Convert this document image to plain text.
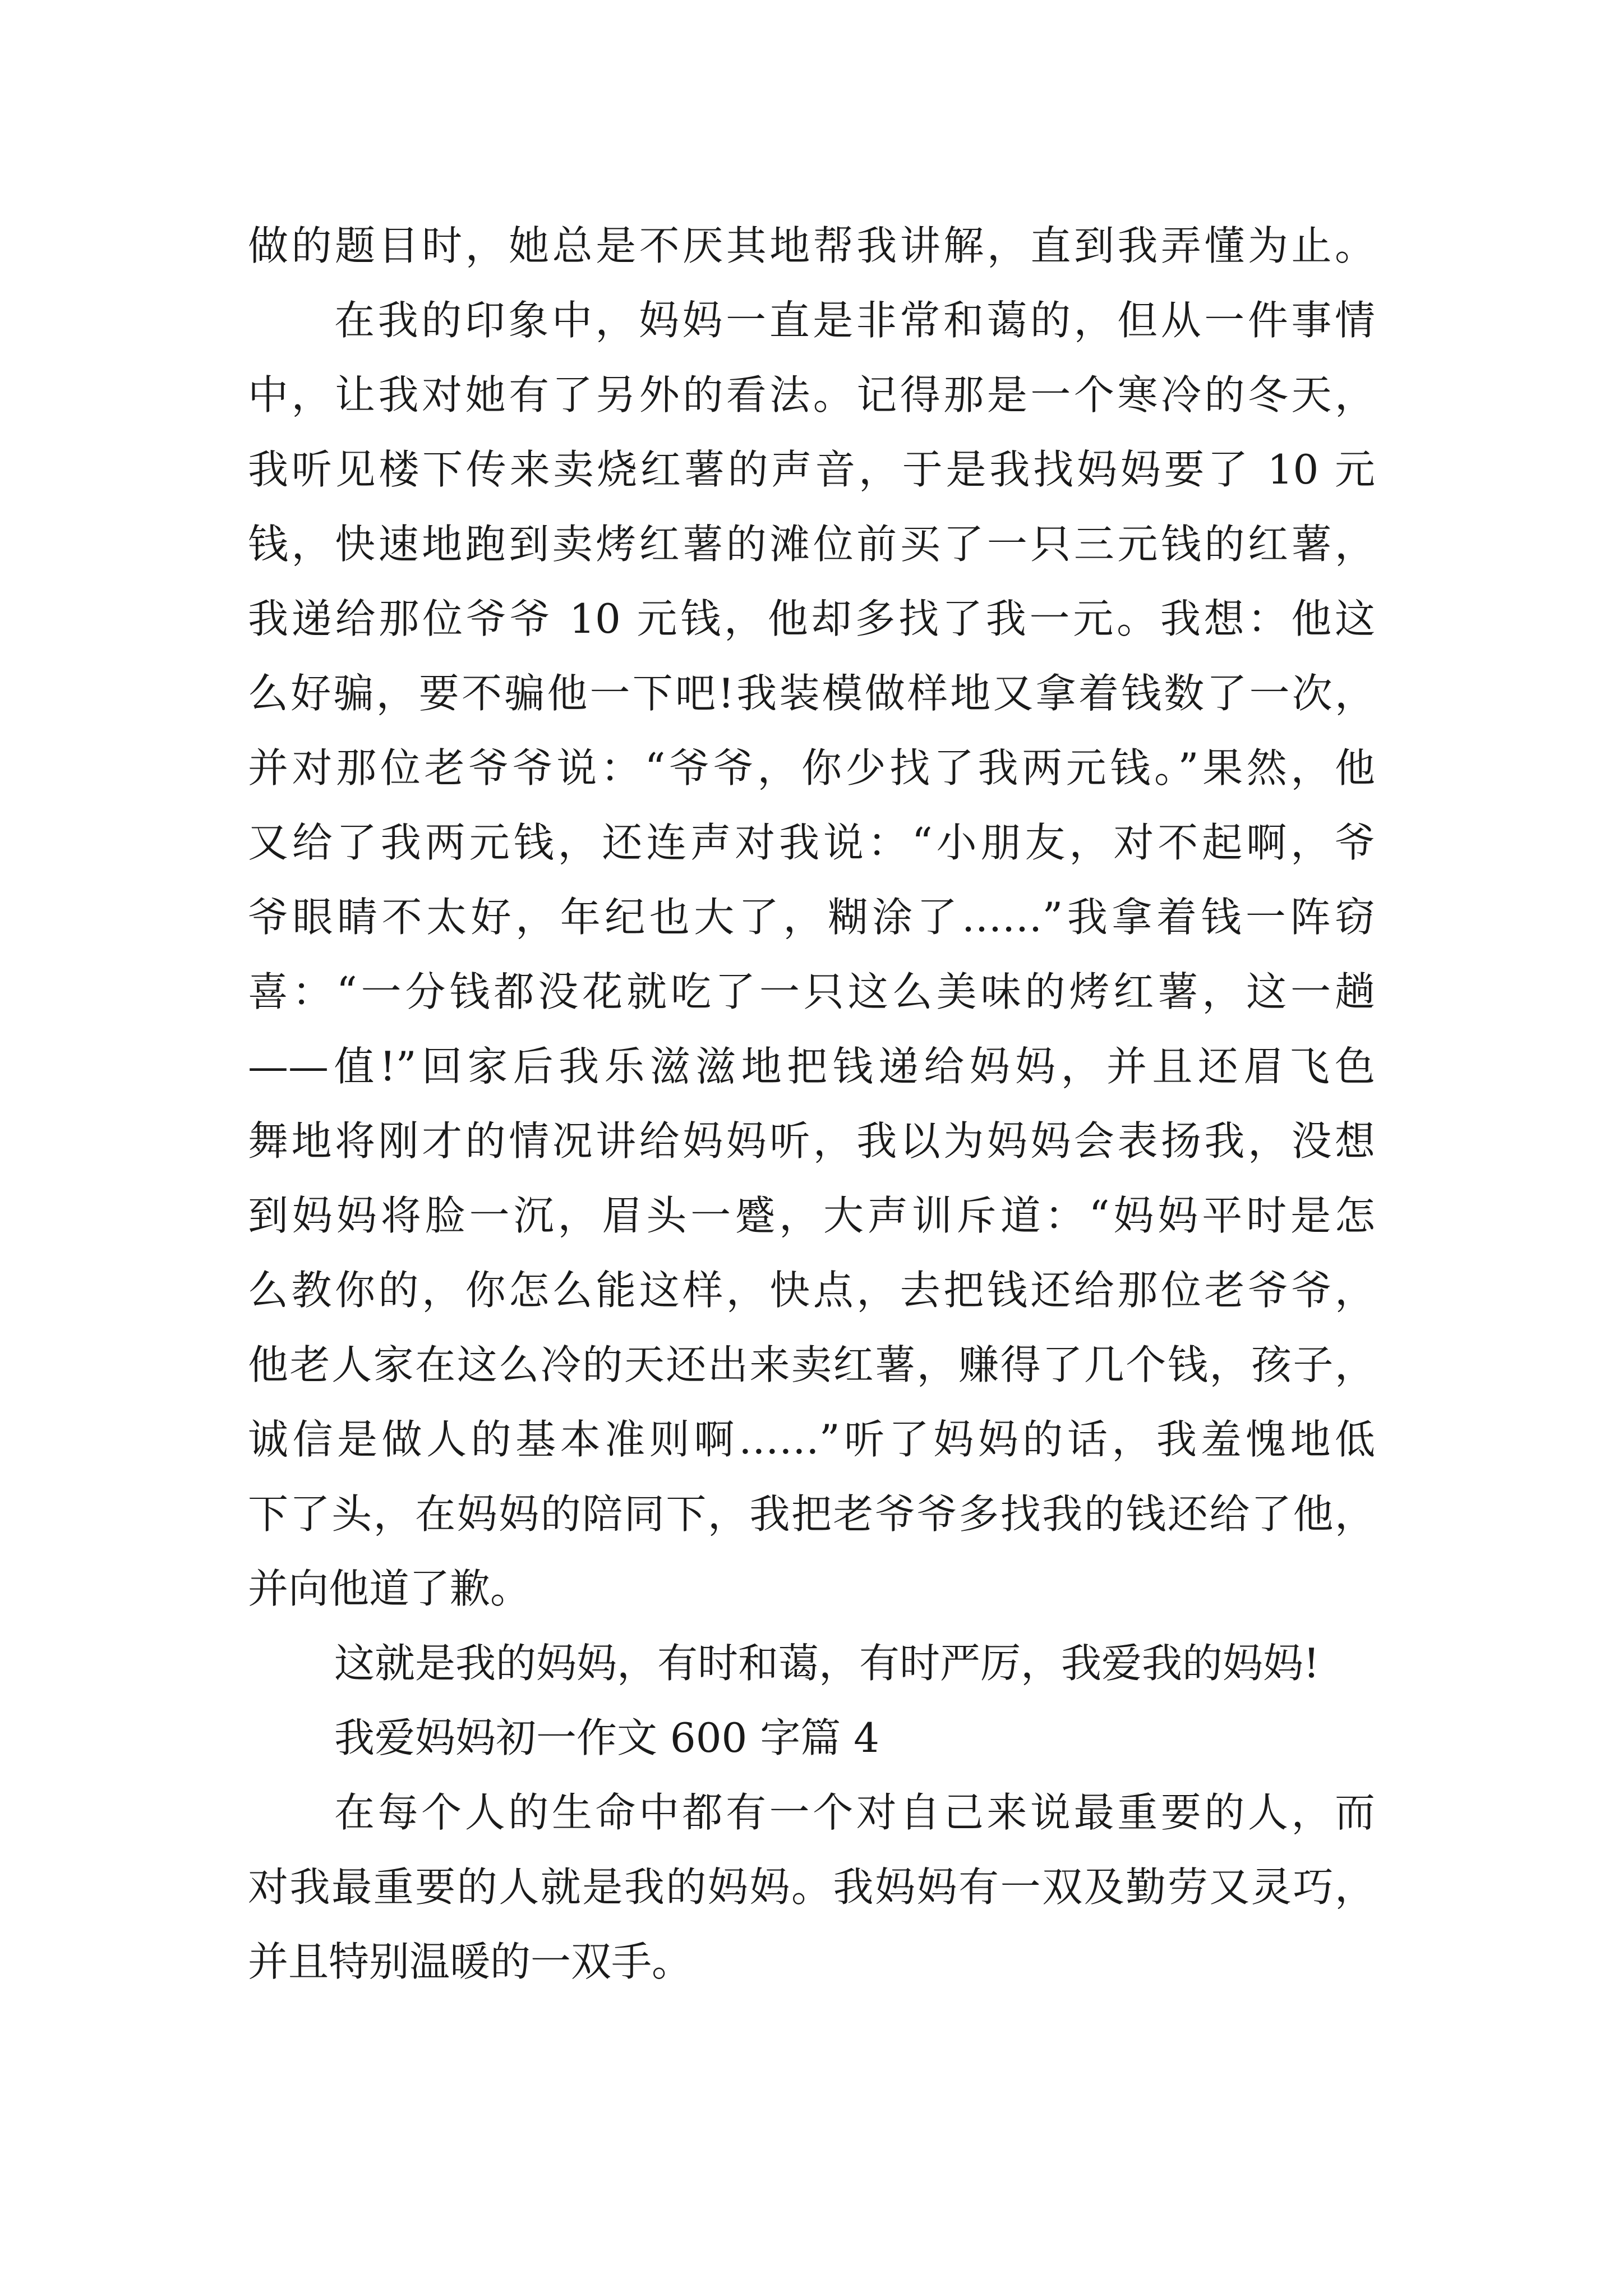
做的题目时，她总是不厌其地帮我讲解，直到我弄懂为止。

在我的印象中，妈妈一直是非常和蔼的，但从一件事情

中，让我对她有了另外的看法。记得那是一个寒冷的冬天，

我听见楼下传来卖烧红薯的声音，于是我找妈妈要了 10 元

钱，快速地跑到卖烤红薯的滩位前买了一只三元钱的红薯，

我递给那位爷爷 10 元钱，他却多找了我一元。我想：他这

么好骗，要不骗他一下吧!我装模做样地又拿着钱数了一次，

并对那位老爷爷说：“爷爷，你少找了我两元钱。”果然，他

又给了我两元钱，还连声对我说：“小朋友，对不起啊，爷

爷眼睛不太好，年纪也大了，糊涂了……”我拿着钱一阵窃

喜：“一分钱都没花就吃了一只这么美味的烤红薯，这一趟

——值!”回家后我乐滋滋地把钱递给妈妈，并且还眉飞色

舞地将刚才的情况讲给妈妈听，我以为妈妈会表扬我，没想

到妈妈将脸一沉，眉头一蹙，大声训斥道：“妈妈平时是怎

么教你的，你怎么能这样，快点，去把钱还给那位老爷爷，

他老人家在这么冷的天还出来卖红薯，赚得了几个钱，孩子，

诚信是做人的基本准则啊……”听了妈妈的话，我羞愧地低

下了头，在妈妈的陪同下，我把老爷爷多找我的钱还给了他，

并向他道了歉。

这就是我的妈妈，有时和蔼，有时严厉，我爱我的妈妈!

我爱妈妈初一作文 600 字篇 4

在每个人的生命中都有一个对自己来说最重要的人，而

对我最重要的人就是我的妈妈。我妈妈有一双及勤劳又灵巧，

并且特别温暖的一双手。
